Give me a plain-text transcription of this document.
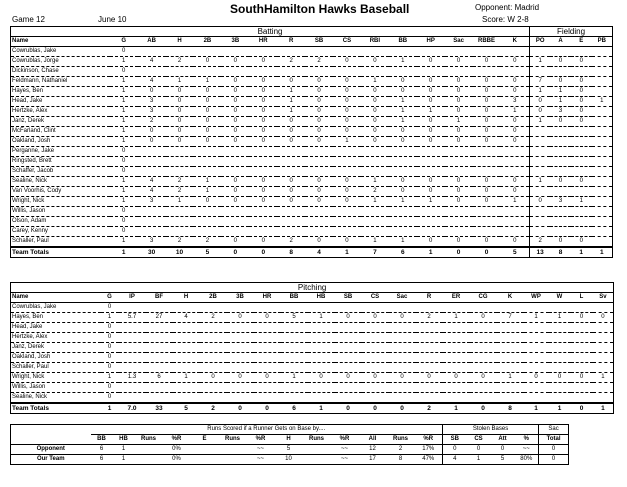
Game 12	June 10
SouthHamilton Hawks Baseball	Opponent: Madrid
Score: W 2-8
Batting																Fielding			
Name	G	AB	H	2B	3B	HR	R	SB	CS	RBI	BB	HP	Sac	RBBE	K	PO	A	E	PB
Cowrublas, Jake	0																		
Cowrublas, Jorge	1	4	2	0	0	0	2	2	0	0	1	0	0	0	0	1	0	0	
Dickinson, Chase	0																		
Feldmann, Nathaniel	1	4	1	1	0	0	0	0	0	1	0	0	0	0	0	7	0	0	
Hayes, Ben	1	0	0	0	0	0	1	0	0	0	0	0	0	0	0	1	1	0	
Head, Jake	1	3	0	0	0	0	1	0	0	0	1	0	0	0	3	0	1	0	1
Hertzke, Alex	1	3	0	0	0	0	1	0	0	0	1	1	0	0	1	0	3	0	
Janz, Derek	1	2	0	0	0	0	0	0	0	0	1	0	1	0	0	1	0	0	
McFarland, Clint	1	0	0	0	0	0	0	0	0	0	0	0	0	0	0				
Oakland, Josh	1	0	0	0	0	0	0	0	1	0	0	0	0	0	0				
Perganne, Jake	0																		
Ringsted, Brett	0																		
Schaffer, Jacob	0																		
Sealine, Nick	1	4	2	1	0	0	0	0	0	1	0	0	0	0	0	1	0	0	
Van Voorhis, Cody	1	4	2	1	0	0	0	0	0	2	0	0	0	0	0				
Wright, Nick	1	3	1	0	0	0	0	0	0	1	1	1	0	0	1	0	3	1	
Willis, Jason	0																		
Olson, Adam	0																		
Carey, Kenny	0																		
Schaller, Paul	1	3	2	2	0	0	2	0	0	1	1	0	0	0	0	2	0	0	
Team Totals	1	30	10	5	0	0	8	4	1	7	6	1	0	0	5	13	8	1	1
Pitching																				
Name	G	IP	BF	H	2B	3B	HR	BB	HB	SB	CS	Sac	R	ER	CG	K	WP	W	L	Sv
Cowrublas, Jake	0																			
Hayes, Ben	1	5.7	27	4	2	0	0	5	1	0	0	0	2	1	0	7	1	1	0	0
Head, Jake	0																			
Hertzke, Alex	0																			
Janz, Derek	0																			
Oakland, Josh	0																			
Schaller, Paul	0																			
Wright, Nick	1	1.3	6	1	0	0	0	1	0	0	0	0	0	0	0	1	0	0	0	1
Willis, Jason	0																			
Sealine, Nick	0																			
Team Totals	1	7.0	33	5	2	0	0	6	1	0	0	0	2	1	0	8	1	1	0	1
	Runs Scored if a Runner Gets on Base by....													Stolen Bases				Sac
	BB	HB	Runs	%R	E	Runs	%R	H	Runs	%R	All	Runs	%R	SB	CS	Att	%	Total
Opponent	6	1		0%			~~	5		~~	12	2	17%	0	0	0	~~	0
Our Team	6	1		0%			~~	10		~~	17	8	47%	4	1	5	80%	0
